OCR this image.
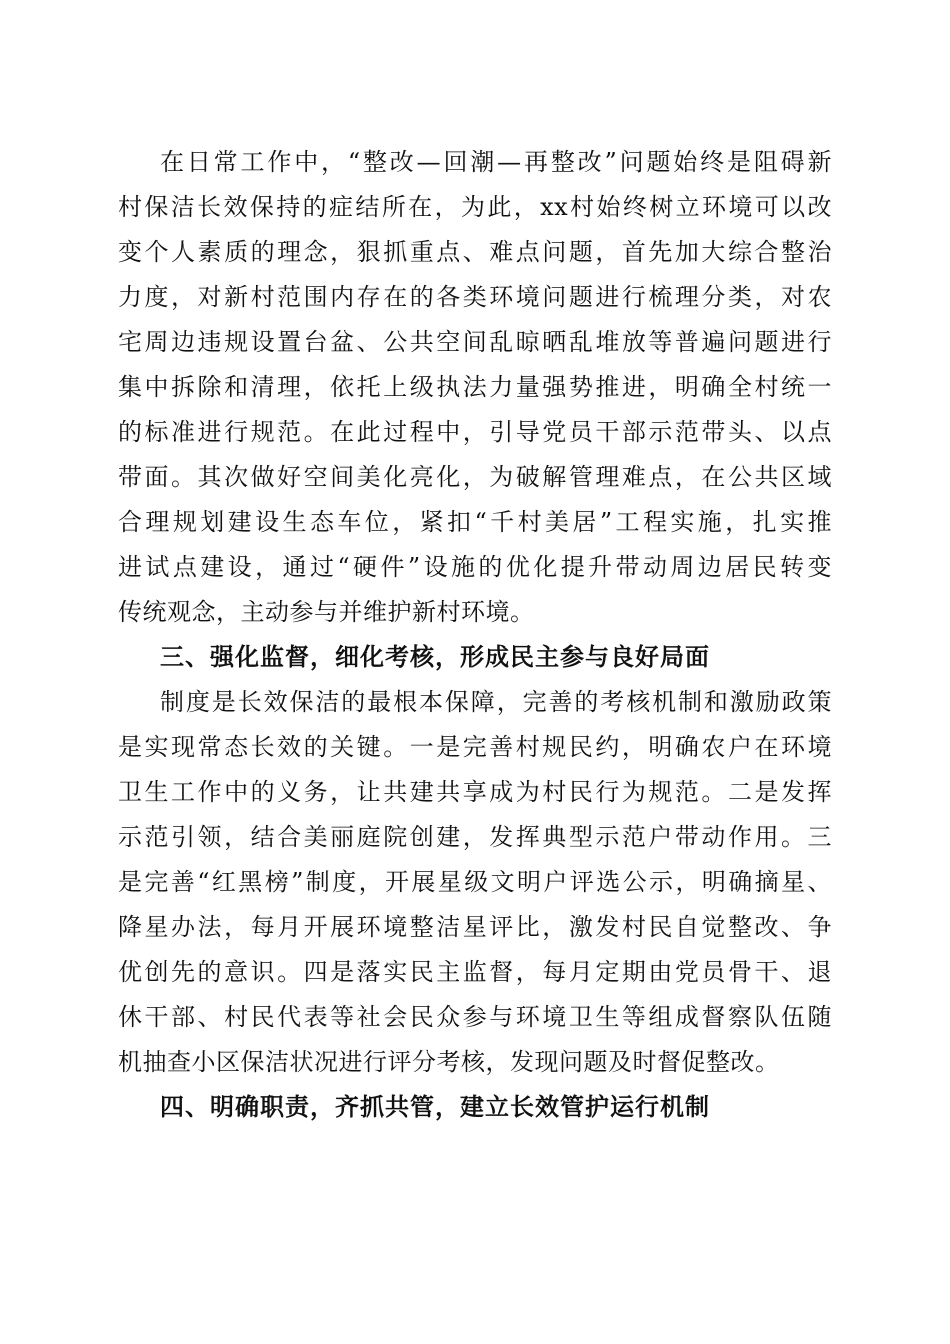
在日常工作中，“整改—回潮—再整改”问题始终是阻碍新
村保洁长效保持的症结所在，为此，xx村始终树立环境可以改
变个人素质的理念，狠抓重点、难点问题，首先加大综合整治
力度，对新村范围内存在的各类环境问题进行梳理分类，对农
宅周边违规设置台盆、公共空间乱晾晒乱堆放等普遍问题进行
集中拆除和清理，依托上级执法力量强势推进，明确全村统一
的标准进行规范。在此过程中，引导党员干部示范带头、以点
带面。其次做好空间美化亮化，为破解管理难点，在公共区域
合理规划建设生态车位，紧扣“千村美居”工程实施，扎实推
进试点建设，通过“硬件”设施的优化提升带动周边居民转变
传统观念，主动参与并维护新村环境。
三、强化监督，细化考核，形成民主参与良好局面
制度是长效保洁的最根本保障，完善的考核机制和激励政策
是实现常态长效的关键。一是完善村规民约，明确农户在环境
卫生工作中的义务，让共建共享成为村民行为规范。二是发挥
示范引领，结合美丽庭院创建，发挥典型示范户带动作用。三
是完善“红黑榜”制度，开展星级文明户评选公示，明确摘星、
降星办法，每月开展环境整洁星评比，激发村民自觉整改、争
优创先的意识。四是落实民主监督，每月定期由党员骨干、退
休干部、村民代表等社会民众参与环境卫生等组成督察队伍随
机抽查小区保洁状况进行评分考核，发现问题及时督促整改。
四、明确职责，齐抓共管，建立长效管护运行机制
